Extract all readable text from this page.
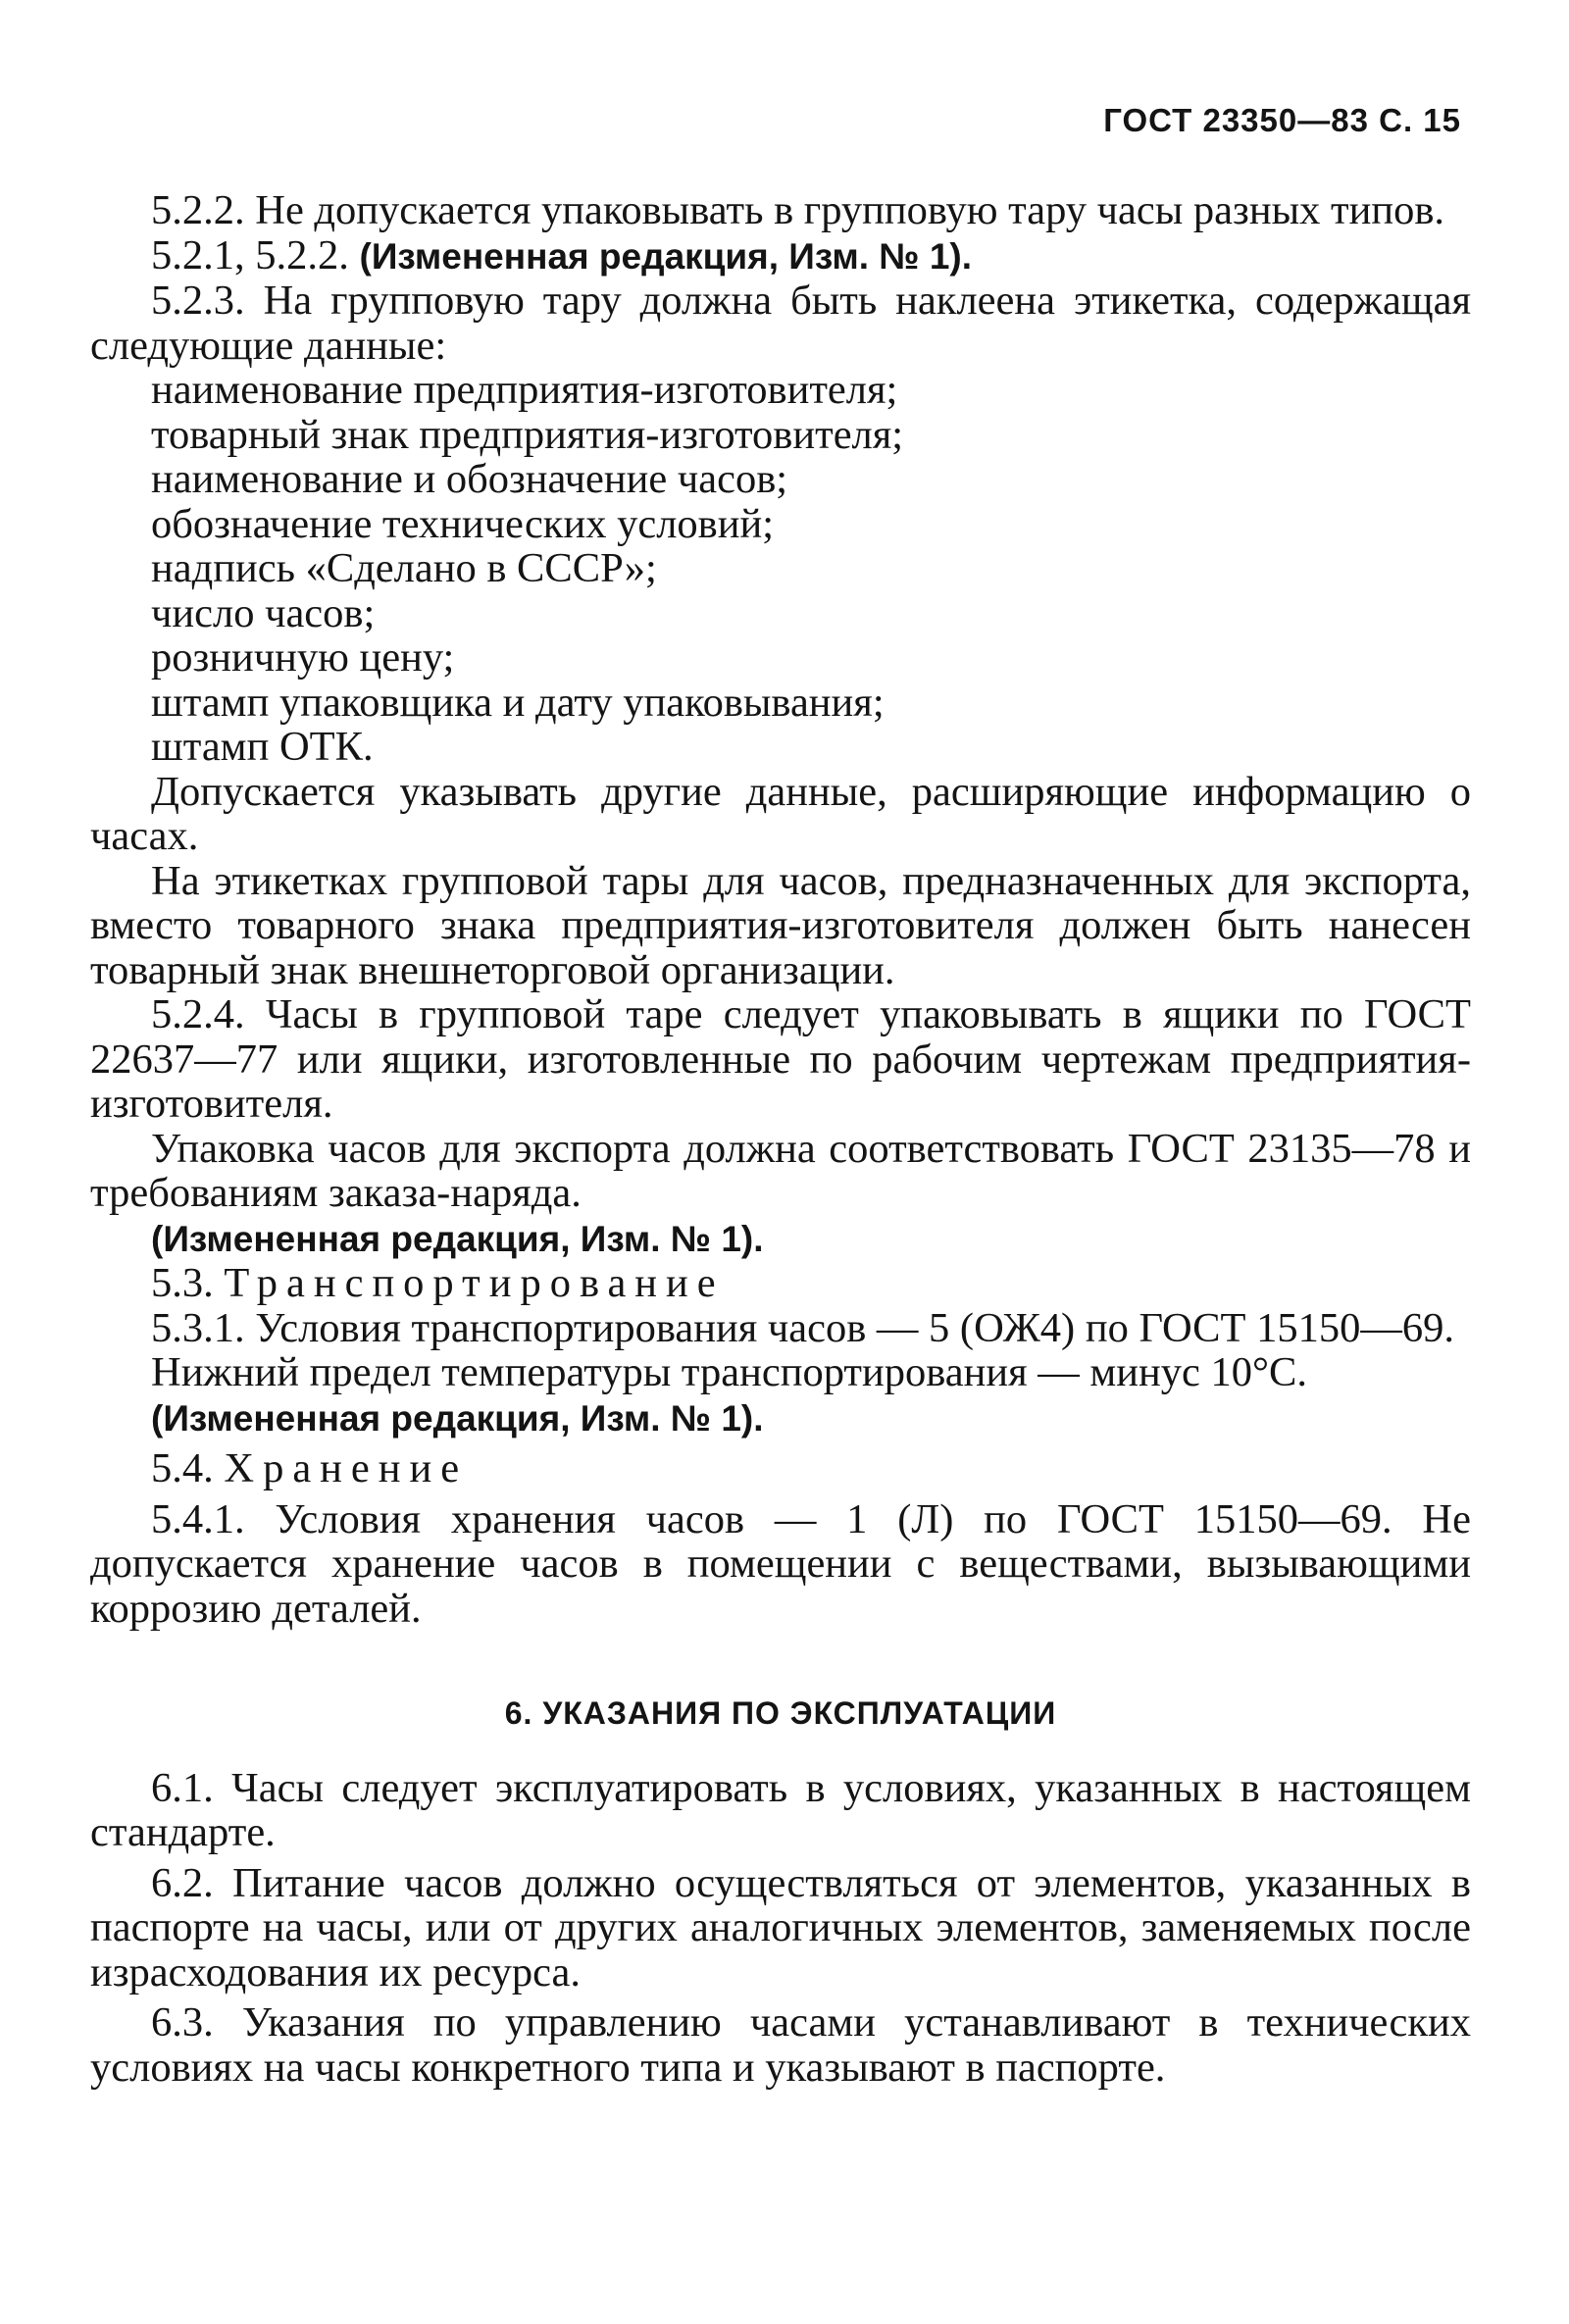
ГОСТ 23350—83 С. 15

5.2.2. Не допускается упаковывать в групповую тару часы разных типов.

5.2.1, 5.2.2. (Измененная редакция, Изм. № 1).

5.2.3. На групповую тару должна быть наклеена этикетка, содержащая следующие данные:

наименование предприятия-изготовителя;

товарный знак предприятия-изготовителя;

наименование и обозначение часов;

обозначение технических условий;

надпись «Сделано в СССР»;

число часов;

розничную цену;

штамп упаковщика и дату упаковывания;

штамп ОТК.

Допускается указывать другие данные, расширяющие информацию о часах.

На этикетках групповой тары для часов, предназначенных для экспорта, вместо товарного знака предприятия-изготовителя должен быть нанесен товарный знак внешнеторговой организации.

5.2.4. Часы в групповой таре следует упаковывать в ящики по ГОСТ 22637—77 или ящики, изготовленные по рабочим чертежам предприятия-изготовителя.

Упаковка часов для экспорта должна соответствовать ГОСТ 23135—78 и требованиям заказа-наряда.

(Измененная редакция, Изм. № 1).

5.3. Транспортирование

5.3.1. Условия транспортирования часов — 5 (ОЖ4) по ГОСТ 15150—69.

Нижний предел температуры транспортирования — минус 10°С.

(Измененная редакция, Изм. № 1).

5.4. Хранение

5.4.1. Условия хранения часов — 1 (Л) по ГОСТ 15150—69. Не допускается хранение часов в помещении с веществами, вызывающими коррозию деталей.

6. УКАЗАНИЯ ПО ЭКСПЛУАТАЦИИ

6.1. Часы следует эксплуатировать в условиях, указанных в настоящем стандарте.

6.2. Питание часов должно осуществляться от элементов, указанных в паспорте на часы, или от других аналогичных элементов, заменяемых после израсходования их ресурса.

6.3. Указания по управлению часами устанавливают в технических условиях на часы конкретного типа и указывают в паспорте.
